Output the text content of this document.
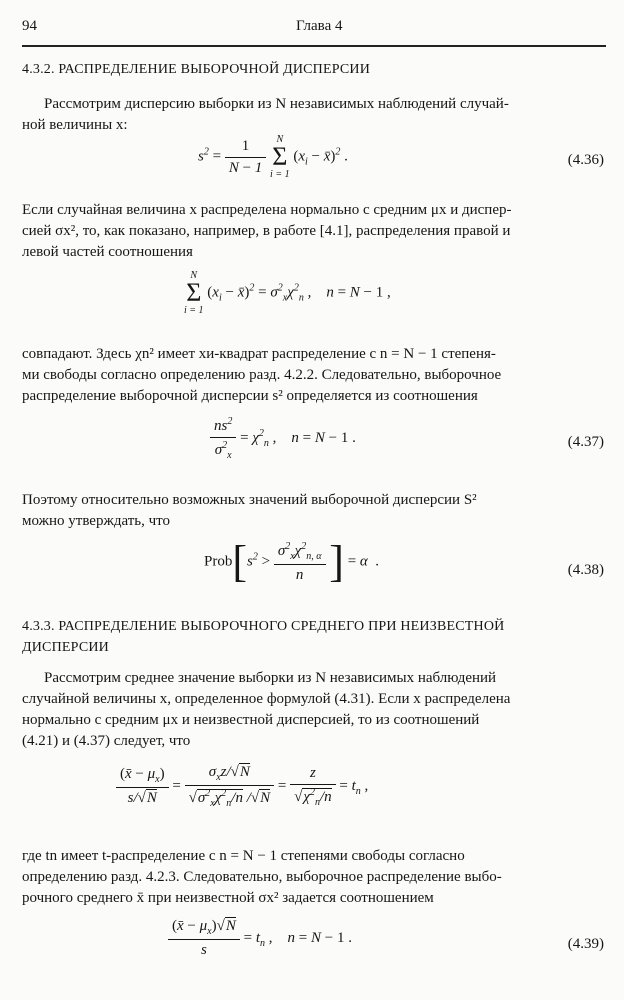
94	Глава 4
4.3.2. РАСПРЕДЕЛЕНИЕ ВЫБОРОЧНОЙ ДИСПЕРСИИ
Рассмотрим дисперсию выборки из N независимых наблюдений случай-
ной величины x:
$s^2 = \frac{1}{N - 1}$ N
Σ
i = 1 ($x_i$ − x̄)$^2$ .	(4.36)
Если случайная величина x распределена нормально с средним μx и диспер-
сией σx², то, как показано, например, в работе [4.1], распределения правой и
левой частей соотношения
N
Σ
i = 1 ($x_i$ − x̄)$^2$ = $\sigma^2_x\chi^2_n$ ,    n = N − 1 ,
совпадают. Здесь χn² имеет хи-квадрат распределение с n = N − 1 степеня-
ми свободы согласно определению разд. 4.2.2. Следовательно, выборочное
распределение выборочной дисперсии s² определяется из соотношения
$\frac{ns^2}{\sigma^2_x} = \chi^2_n$ ,    n = N − 1 .	(4.37)
Поэтому относительно возможных значений выборочной дисперсии S²
можно утверждать, что
$Prob[s^2 > \frac{\sigma^2_x\chi^2_{n, \alpha}}{n}$ ] = α  .
(4.38)
4.3.3. РАСПРЕДЕЛЕНИЕ ВЫБОРОЧНОГО СРЕДНЕГО ПРИ НЕИЗВЕСТНОЙ
ДИСПЕРСИИ
Рассмотрим среднее значение выборки из N независимых наблюдений
случайной величины x, определенное формулой (4.31). Если x распределена
нормально с средним μx и неизвестной дисперсией, то из соотношений
(4.21) и (4.37) следует, что
$\frac{(x̄ - \mu_x)}{s/√N} = \frac{\sigma_xz/√N}{√\sigma^2_x\chi^2_n/n /√N} = \frac{z}{√\chi^2_n/n} = t_n$ ,
где tn имеет t-распределение с n = N − 1 степенями свободы согласно
определению разд. 4.2.3. Следовательно, выборочное распределение выбо-
рочного среднего x̄ при неизвестной σx² задается соотношением
$\frac{(x̄ - \mu_x)√N}{s} = t_n$ ,    n = N − 1 .	(4.39)
